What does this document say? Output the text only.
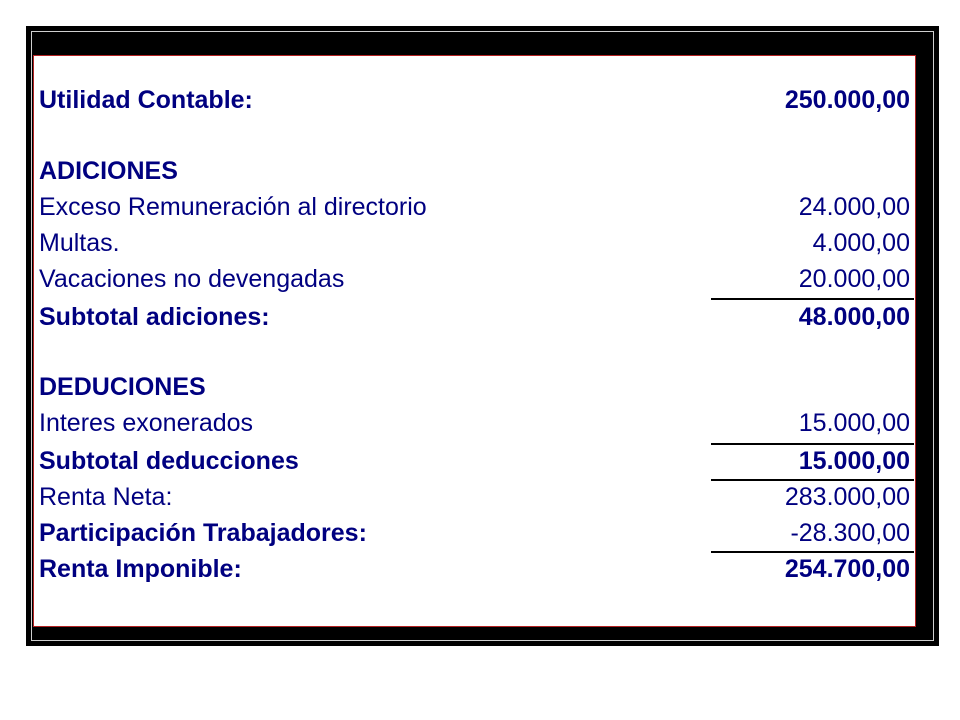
Utilidad Contable:	250.000,00
ADICIONES
Exceso Remuneración al directorio	24.000,00
Multas.	4.000,00
Vacaciones no devengadas	20.000,00
Subtotal adiciones:	48.000,00
DEDUCIONES
Interes exonerados	15.000,00
Subtotal deducciones	15.000,00
Renta Neta:	283.000,00
Participación Trabajadores:	-28.300,00
Renta Imponible:	254.700,00
